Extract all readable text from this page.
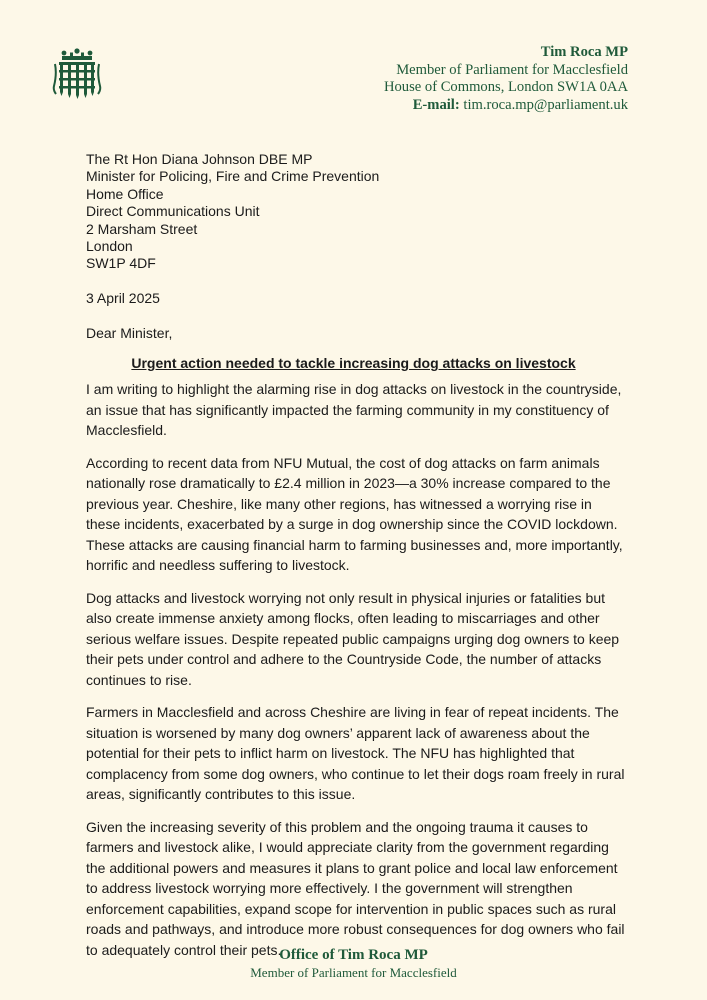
Tim Roca MP
Member of Parliament for Macclesfield
House of Commons, London SW1A 0AA
E-mail: tim.roca.mp@parliament.uk
The Rt Hon Diana Johnson DBE MP
Minister for Policing, Fire and Crime Prevention
Home Office
Direct Communications Unit
2 Marsham Street
London
SW1P 4DF
3 April 2025
Dear Minister,
Urgent action needed to tackle increasing dog attacks on livestock

I am writing to highlight the alarming rise in dog attacks on livestock in the countryside, an issue that has significantly impacted the farming community in my constituency of Macclesfield.

According to recent data from NFU Mutual, the cost of dog attacks on farm animals nationally rose dramatically to £2.4 million in 2023—a 30% increase compared to the previous year. Cheshire, like many other regions, has witnessed a worrying rise in these incidents, exacerbated by a surge in dog ownership since the COVID lockdown. These attacks are causing financial harm to farming businesses and, more importantly, horrific and needless suffering to livestock.

Dog attacks and livestock worrying not only result in physical injuries or fatalities but also create immense anxiety among flocks, often leading to miscarriages and other serious welfare issues. Despite repeated public campaigns urging dog owners to keep their pets under control and adhere to the Countryside Code, the number of attacks continues to rise.

Farmers in Macclesfield and across Cheshire are living in fear of repeat incidents. The situation is worsened by many dog owners’ apparent lack of awareness about the potential for their pets to inflict harm on livestock. The NFU has highlighted that complacency from some dog owners, who continue to let their dogs roam freely in rural areas, significantly contributes to this issue.

Given the increasing severity of this problem and the ongoing trauma it causes to farmers and livestock alike, I would appreciate clarity from the government regarding the additional powers and measures it plans to grant police and local law enforcement to address livestock worrying more effectively. I the government will strengthen enforcement capabilities, expand scope for intervention in public spaces such as rural roads and pathways, and introduce more robust consequences for dog owners who fail to adequately control their pets.

Office of Tim Roca MP
Member of Parliament for Macclesfield
